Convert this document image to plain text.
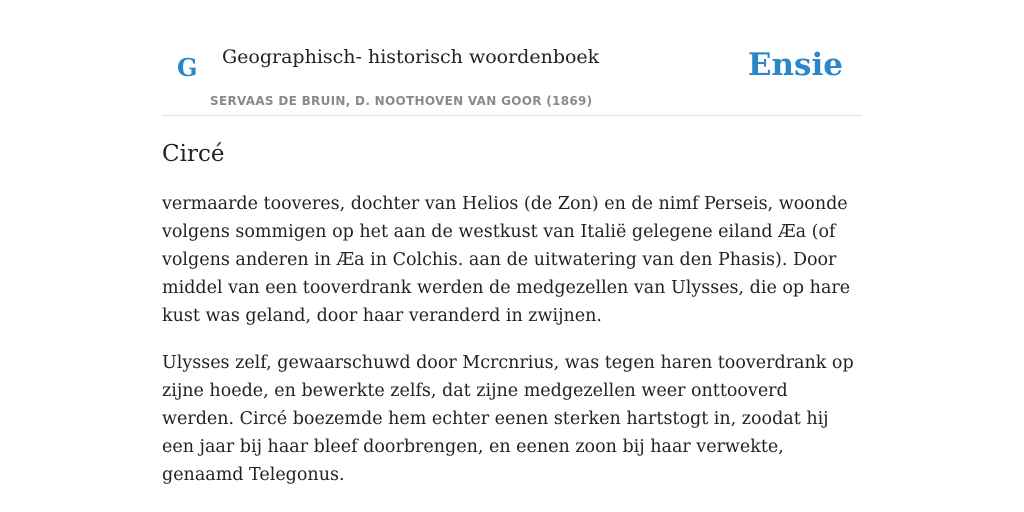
G Geographisch- historisch woordenboek
SERVAAS DE BRUIN, D. NOOTHOVEN VAN GOOR (1869)
Ensie
Circé

vermaarde tooveres, dochter van Helios (de Zon) en de nimf Perseis, woonde volgens sommigen op het aan de westkust van Italië gelegene eiland Æa (of volgens anderen in Æa in Colchis. aan de uitwatering van den Phasis). Door middel van een tooverdrank werden de medgezellen van Ulysses, die op hare kust was geland, door haar veranderd in zwijnen.

Ulysses zelf, gewaarschuwd door Mcrcnrius, was tegen haren tooverdrank op zijne hoede, en bewerkte zelfs, dat zijne medgezellen weer onttooverd werden. Circé boezemde hem echter eenen sterken hartstogt in, zoodat hij een jaar bij haar bleef doorbrengen, en eenen zoon bij haar verwekte, genaamd Telegonus.
